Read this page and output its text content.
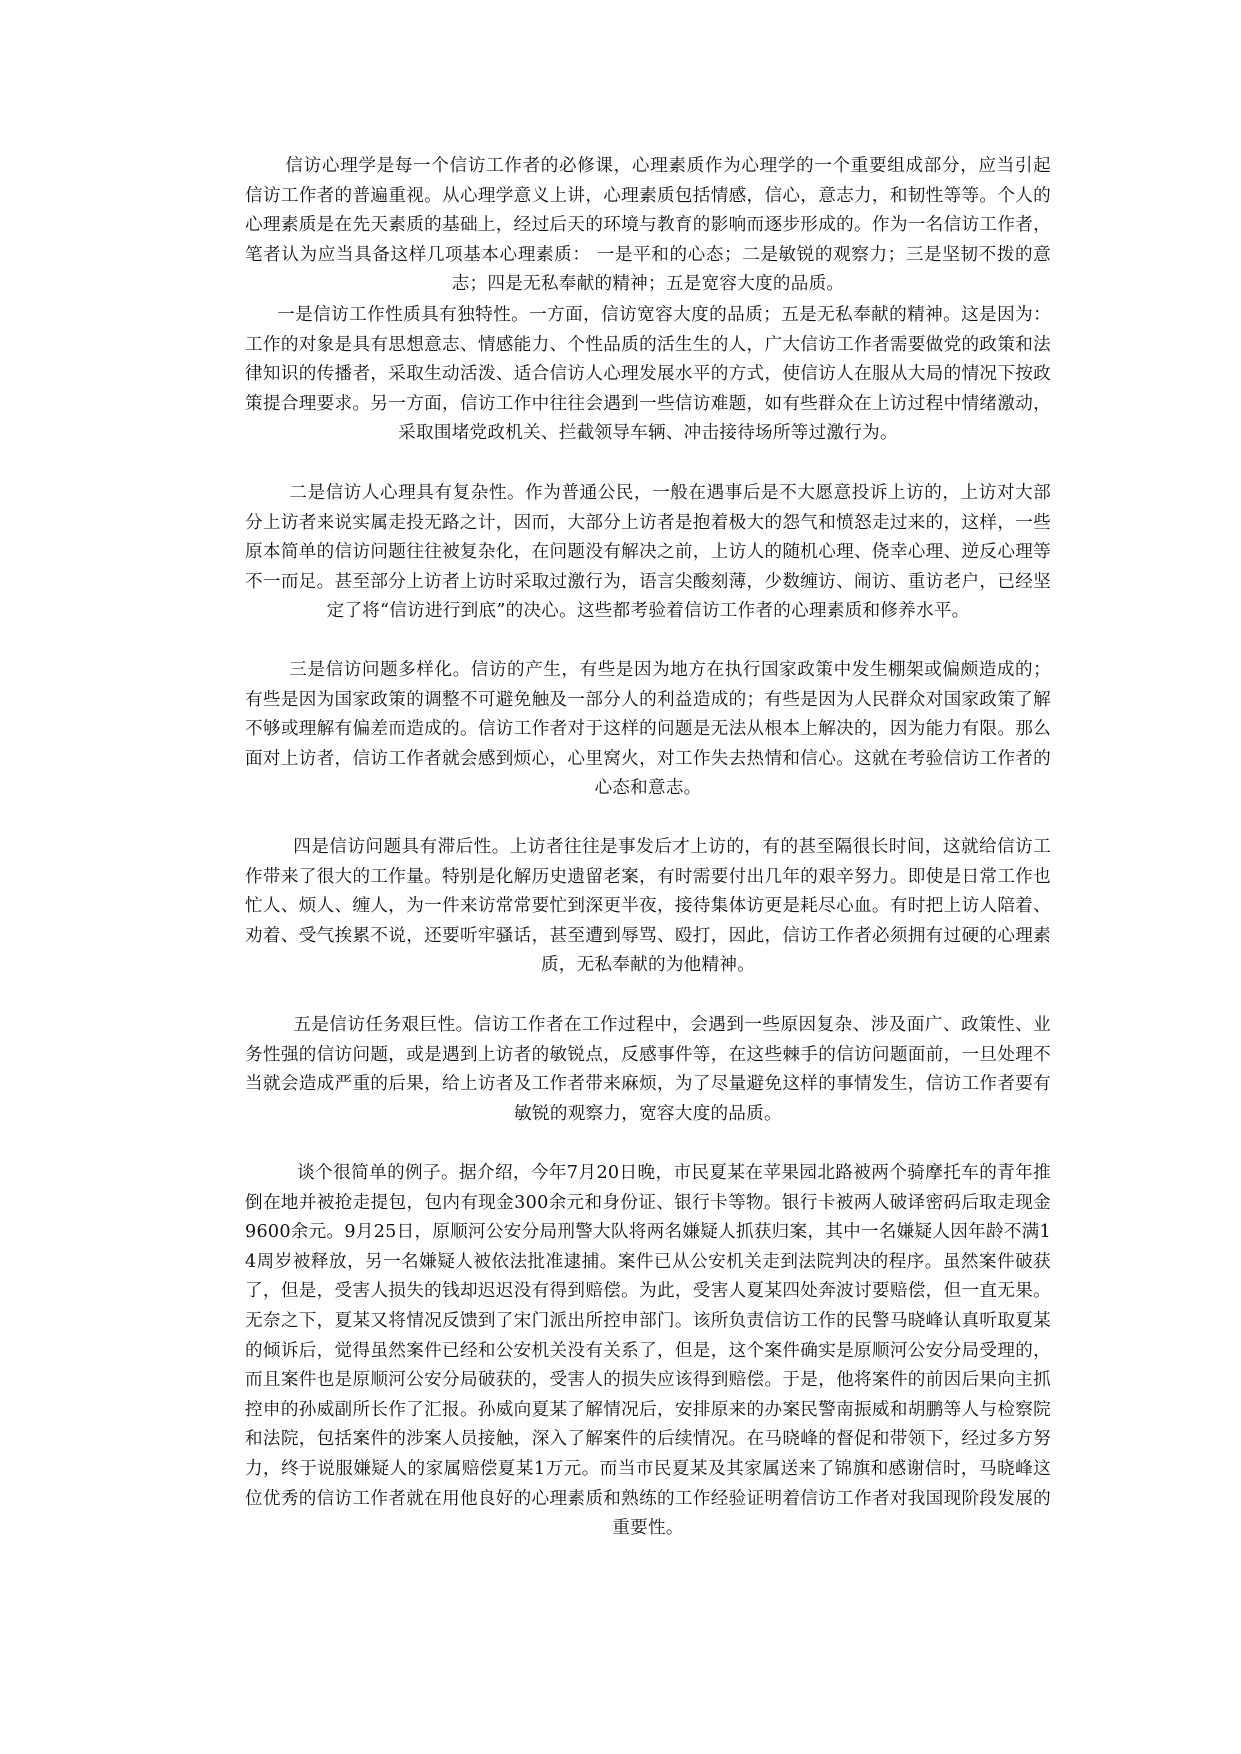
信访心理学是每一个信访工作者的必修课，心理素质作为心理学的一个重要组成部分，应当引起信访工作者的普遍重视。从心理学意义上讲，心理素质包括情感，信心，意志力，和韧性等等。个人的心理素质是在先天素质的基础上，经过后天的环境与教育的影响而逐步形成的。作为一名信访工作者，笔者认为应当具备这样几项基本心理素质： 一是平和的心态；二是敏锐的观察力；三是坚韧不拨的意志；四是无私奉献的精神；五是宽容大度的品质。

一是信访工作性质具有独特性。一方面，信访宽容大度的品质；五是无私奉献的精神。这是因为：工作的对象是具有思想意志、情感能力、个性品质的活生生的人，广大信访工作者需要做党的政策和法律知识的传播者，采取生动活泼、适合信访人心理发展水平的方式，使信访人在服从大局的情况下按政策提合理要求。另一方面，信访工作中往往会遇到一些信访难题，如有些群众在上访过程中情绪激动，采取围堵党政机关、拦截领导车辆、冲击接待场所等过激行为。

二是信访人心理具有复杂性。作为普通公民，一般在遇事后是不大愿意投诉上访的，上访对大部分上访者来说实属走投无路之计，因而，大部分上访者是抱着极大的怨气和愤怒走过来的，这样，一些原本简单的信访问题往往被复杂化，在问题没有解决之前，上访人的随机心理、侥幸心理、逆反心理等不一而足。甚至部分上访者上访时采取过激行为，语言尖酸刻薄，少数缠访、闹访、重访老户，已经坚定了将“信访进行到底”的决心。这些都考验着信访工作者的心理素质和修养水平。

三是信访问题多样化。信访的产生，有些是因为地方在执行国家政策中发生棚架或偏颇造成的；有些是因为国家政策的调整不可避免触及一部分人的利益造成的；有些是因为人民群众对国家政策了解不够或理解有偏差而造成的。信访工作者对于这样的问题是无法从根本上解决的，因为能力有限。那么面对上访者，信访工作者就会感到烦心，心里窝火，对工作失去热情和信心。这就在考验信访工作者的心态和意志。

四是信访问题具有滞后性。上访者往往是事发后才上访的，有的甚至隔很长时间，这就给信访工作带来了很大的工作量。特别是化解历史遗留老案，有时需要付出几年的艰辛努力。即使是日常工作也忙人、烦人、缠人，为一件来访常常要忙到深更半夜，接待集体访更是耗尽心血。有时把上访人陪着、劝着、受气挨累不说，还要听牢骚话，甚至遭到辱骂、殴打，因此，信访工作者必须拥有过硬的心理素质，无私奉献的为他精神。

五是信访任务艰巨性。信访工作者在工作过程中，会遇到一些原因复杂、涉及面广、政策性、业务性强的信访问题，或是遇到上访者的敏锐点，反感事件等，在这些棘手的信访问题面前，一旦处理不当就会造成严重的后果，给上访者及工作者带来麻烦，为了尽量避免这样的事情发生，信访工作者要有敏锐的观察力，宽容大度的品质。

谈个很简单的例子。据介绍，今年7月20日晚，市民夏某在苹果园北路被两个骑摩托车的青年推倒在地并被抢走提包，包内有现金300余元和身份证、银行卡等物。银行卡被两人破译密码后取走现金9600余元。9月25日，原顺河公安分局刑警大队将两名嫌疑人抓获归案，其中一名嫌疑人因年龄不满14周岁被释放，另一名嫌疑人被依法批准逮捕。案件已从公安机关走到法院判决的程序。虽然案件破获了，但是，受害人损失的钱却迟迟没有得到赔偿。为此，受害人夏某四处奔波讨要赔偿，但一直无果。无奈之下，夏某又将情况反馈到了宋门派出所控申部门。该所负责信访工作的民警马晓峰认真听取夏某的倾诉后，觉得虽然案件已经和公安机关没有关系了，但是，这个案件确实是原顺河公安分局受理的，而且案件也是原顺河公安分局破获的，受害人的损失应该得到赔偿。于是，他将案件的前因后果向主抓控申的孙威副所长作了汇报。孙威向夏某了解情况后，安排原来的办案民警南振威和胡鹏等人与检察院和法院，包括案件的涉案人员接触，深入了解案件的后续情况。在马晓峰的督促和带领下，经过多方努力，终于说服嫌疑人的家属赔偿夏某1万元。而当市民夏某及其家属送来了锦旗和感谢信时，马晓峰这位优秀的信访工作者就在用他良好的心理素质和熟练的工作经验证明着信访工作者对我国现阶段发展的重要性。
